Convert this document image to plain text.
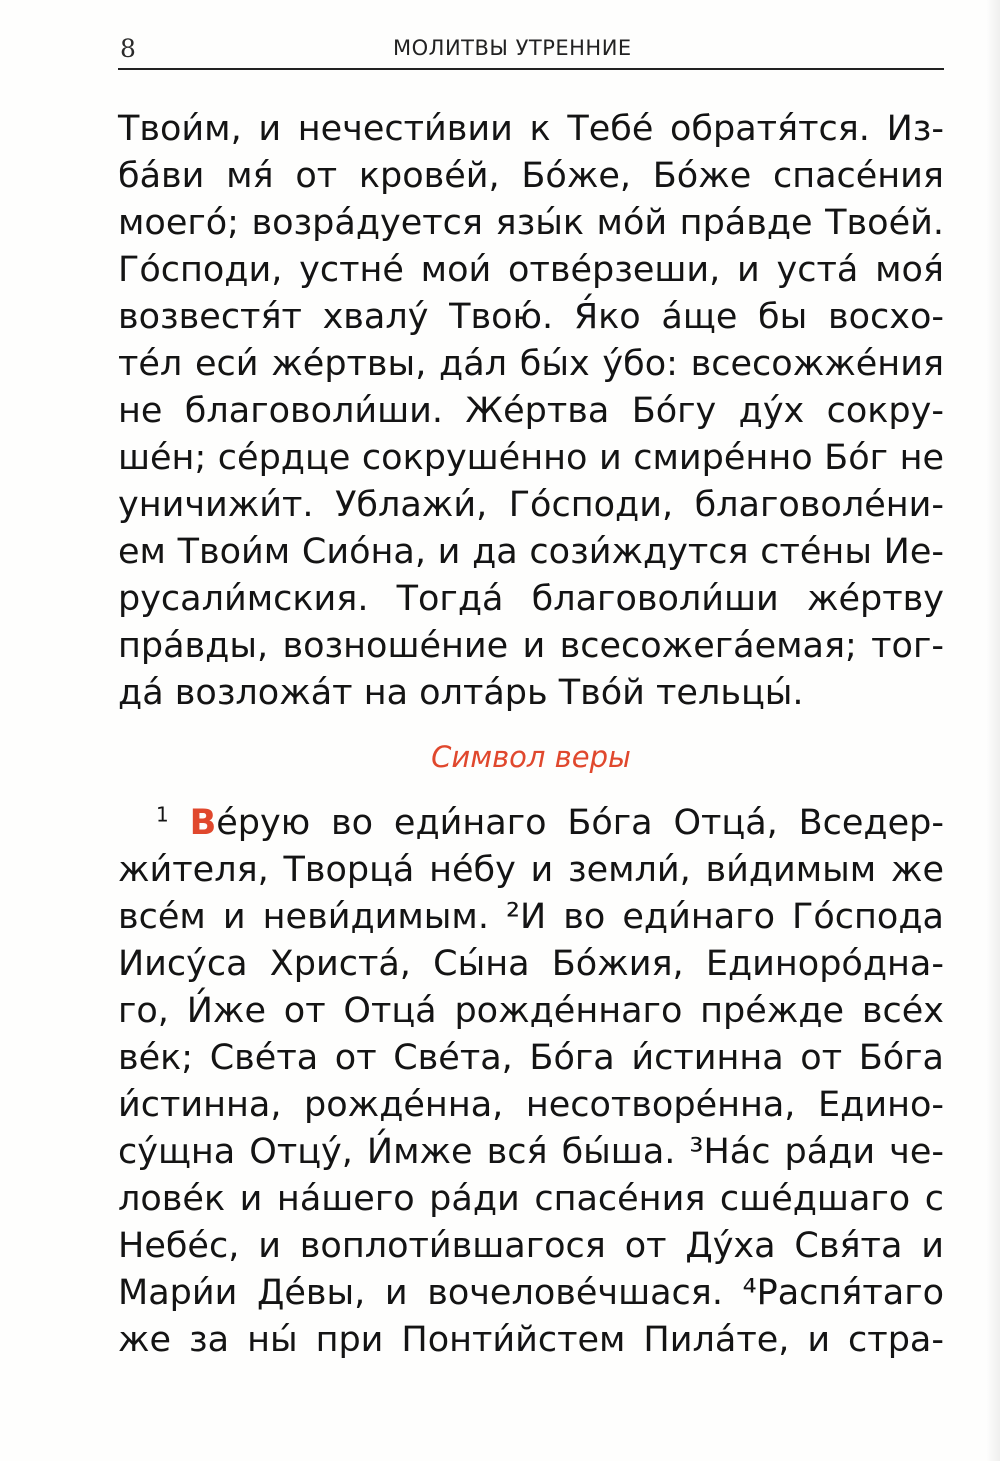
8	МОЛИТВЫ УТРЕННИЕ
Твои́м, и нечести́вии к Тебе́ обратя́тся. Из-
ба́ви мя́ от крове́й, Бо́же, Бо́же спасе́ния
моего́; возра́дуется язы́к мо́й пра́вде Твое́й.
Го́споди, устне́ мои́ отве́рзеши, и уста́ моя́
возвестя́т хвалу́ Твою́. Я́ко а́ще бы восхо-
те́л еси́ же́ртвы, да́л бы́х у́бо: всесожже́ния
не благоволи́ши. Же́ртва Бо́гу ду́х сокру-
ше́н; се́рдце сокруше́нно и смире́нно Бо́г не
уничижи́т. Ублажи́, Го́споди, благоволе́ни-
ем Твои́м Сио́на, и да сози́ждутся сте́ны Ие-
русали́мския. Тогда́ благоволи́ши же́ртву
пра́вды, возноше́ние и всесожега́емая; тог-
да́ возложа́т на олта́рь Тво́й тельцы́.
Символ веры
$^1$ Ве́рую во еди́наго Бо́га Отца́, Вседер-
жи́теля, Творца́ не́бу и земли́, ви́димым же
все́м и неви́димым. ²И во еди́наго Го́спода
Иису́са Христа́, Сы́на Бо́жия, Единоро́дна-
го, И́же от Отца́ рожде́ннаго пре́жде все́х
ве́к; Све́та от Све́та, Бо́га и́стинна от Бо́га
и́стинна, рожде́нна, несотворе́нна, Едино-
су́щна Отцу́, И́мже вся́ бы́ша. ³На́с ра́ди че-
лове́к и на́шего ра́ди спасе́ния сше́дшаго с
Небе́с, и воплоти́вшагося от Ду́ха Свя́та и
Мари́и Де́вы, и вочелове́чшася. ⁴Распя́таго
же за ны́ при Понти́йстем Пила́те, и стра-
